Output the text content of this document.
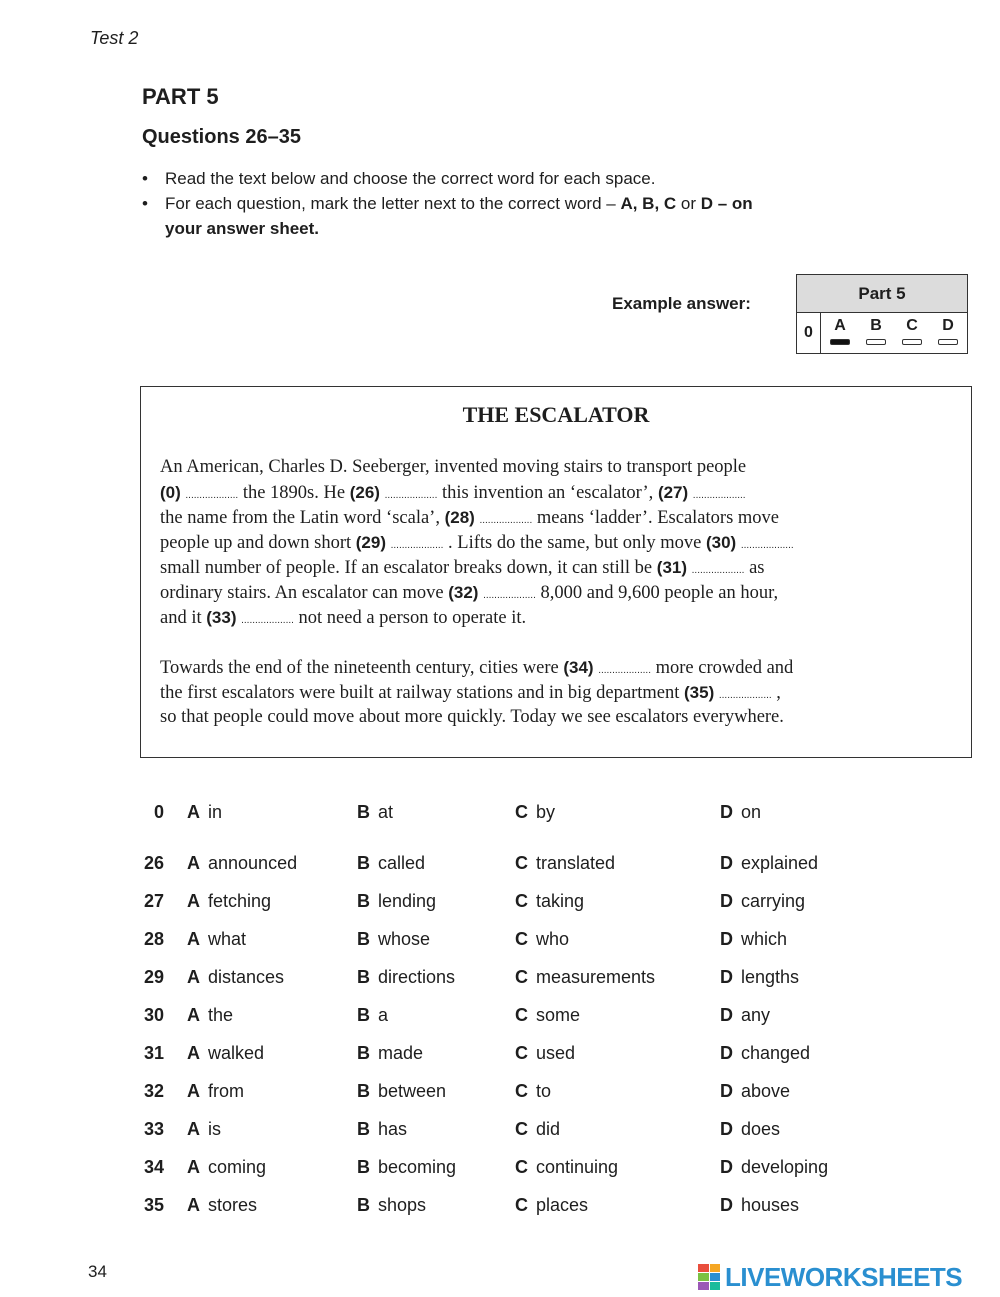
Test 2
PART 5
Questions 26–35
• Read the text below and choose the correct word for each space.
• For each question, mark the letter next to the correct word – A, B, C or D – on
your answer sheet.
Example answer:
Part 5
0	A	B	C	D
THE ESCALATOR
An American, Charles D. Seeberger, invented moving stairs to transport people
(0) ................... the 1890s. He (26) ................... this invention an ‘escalator’, (27) ...................
the name from the Latin word ‘scala’, (28) ................... means ‘ladder’. Escalators move
people up and down short (29) ................... . Lifts do the same, but only move (30) ...................
small number of people. If an escalator breaks down, it can still be (31) ................... as
ordinary stairs. An escalator can move (32) ................... 8,000 and 9,600 people an hour,
and it (33) ................... not need a person to operate it.
Towards the end of the nineteenth century, cities were (34) ................... more crowded and
the first escalators were built at railway stations and in big department (35) ................... ,
so that people could move about more quickly. Today we see escalators everywhere.
0 A in	B at	C by	D on
26 A announced	B called	C translated	D explained
27 A fetching	B lending	C taking	D carrying
28 A what	B whose	C who	D which
29 A distances	B directions	C measurements	D lengths
30 A the	B a	C some	D any
31 A walked	B made	C used	D changed
32 A from	B between	C to	D above
33 A is	B has	C did	D does
34 A coming	B becoming	C continuing	D developing
35 A stores	B shops	C places	D houses
34	LIVEWORKSHEETS
